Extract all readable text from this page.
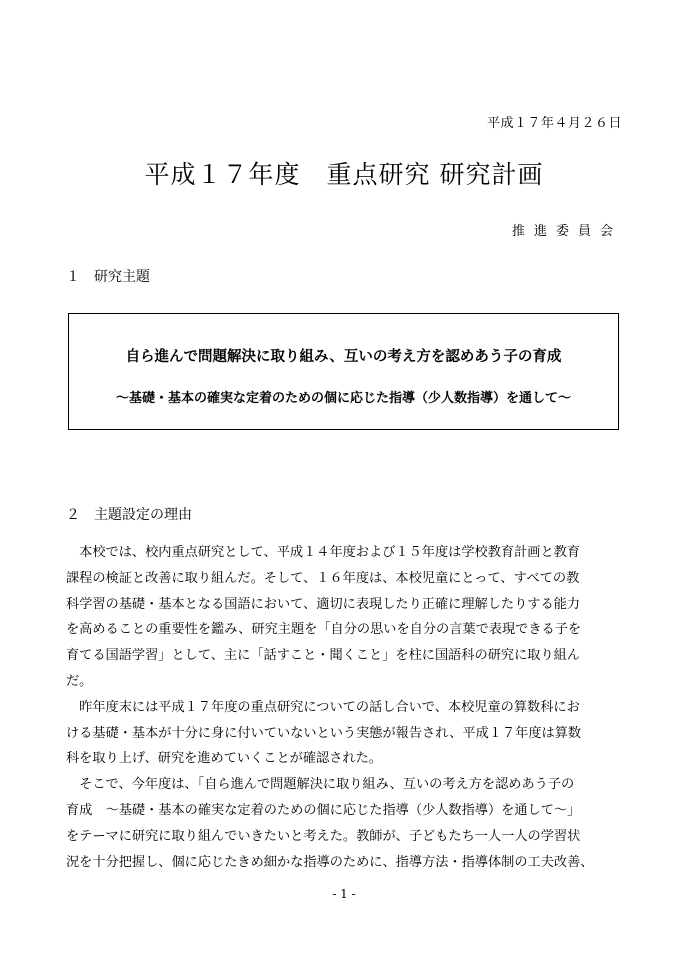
平成１７年４月２６日
平成１７年度　重点研究 研究計画
推進委員会
１　研究主題
自ら進んで問題解決に取り組み、互いの考え方を認めあう子の育成
～基礎・基本の確実な定着のための個に応じた指導（少人数指導）を通して～
２　主題設定の理由
　本校では、校内重点研究として、平成１４年度および１５年度は学校教育計画と教育
課程の検証と改善に取り組んだ。そして、１６年度は、本校児童にとって、すべての教
科学習の基礎・基本となる国語において、適切に表現したり正確に理解したりする能力
を高めることの重要性を鑑み、研究主題を「自分の思いを自分の言葉で表現できる子を
育てる国語学習」として、主に「話すこと・聞くこと」を柱に国語科の研究に取り組ん
だ。
　昨年度末には平成１７年度の重点研究についての話し合いで、本校児童の算数科にお
ける基礎・基本が十分に身に付いていないという実態が報告され、平成１７年度は算数
科を取り上げ、研究を進めていくことが確認された。
　そこで、今年度は、「自ら進んで問題解決に取り組み、互いの考え方を認めあう子の
育成　～基礎・基本の確実な定着のための個に応じた指導（少人数指導）を通して～」
をテーマに研究に取り組んでいきたいと考えた。教師が、子どもたち一人一人の学習状
況を十分把握し、個に応じたきめ細かな指導のために、指導方法・指導体制の工夫改善、
- 1 -
